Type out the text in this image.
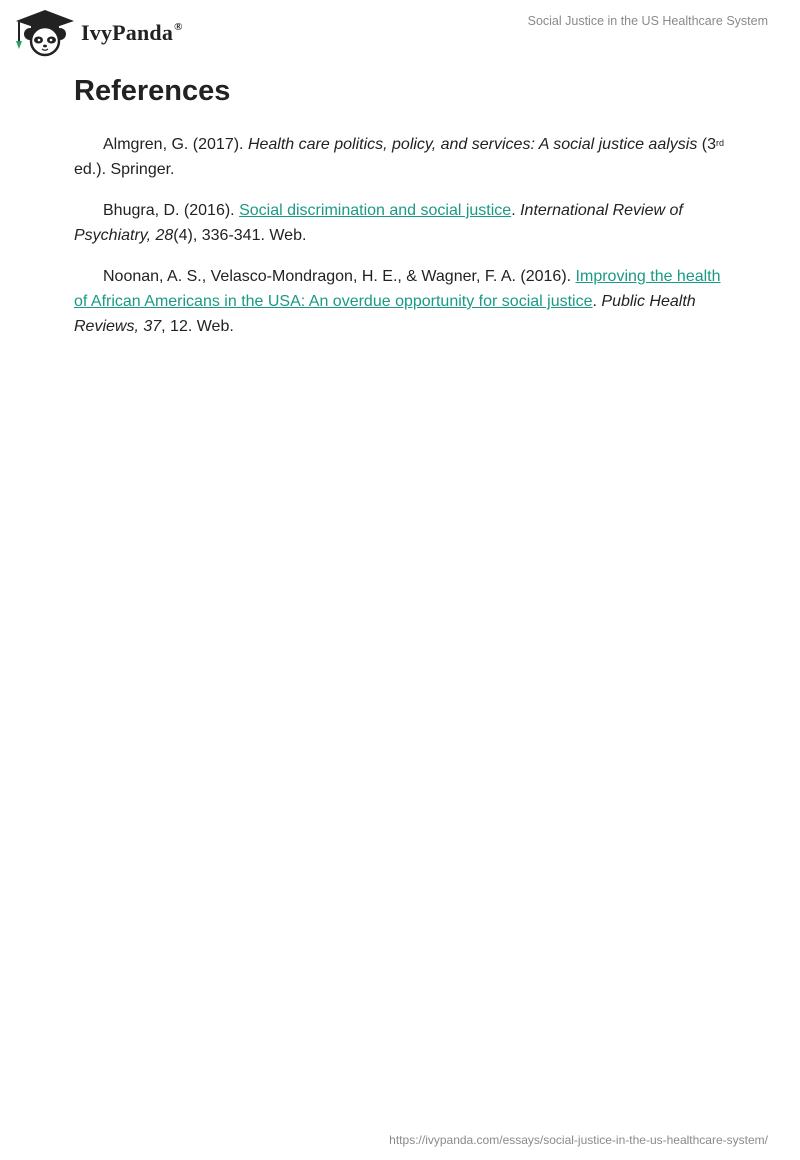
IvyPanda®	Social Justice in the US Healthcare System
References

Almgren, G. (2017). Health care politics, policy, and services: A social justice aalysis (3rd ed.). Springer.

Bhugra, D. (2016). Social discrimination and social justice. International Review of Psychiatry, 28(4), 336-341. Web.

Noonan, A. S., Velasco-Mondragon, H. E., & Wagner, F. A. (2016). Improving the health of African Americans in the USA: An overdue opportunity for social justice. Public Health Reviews, 37, 12. Web.

https://ivypanda.com/essays/social-justice-in-the-us-healthcare-system/
